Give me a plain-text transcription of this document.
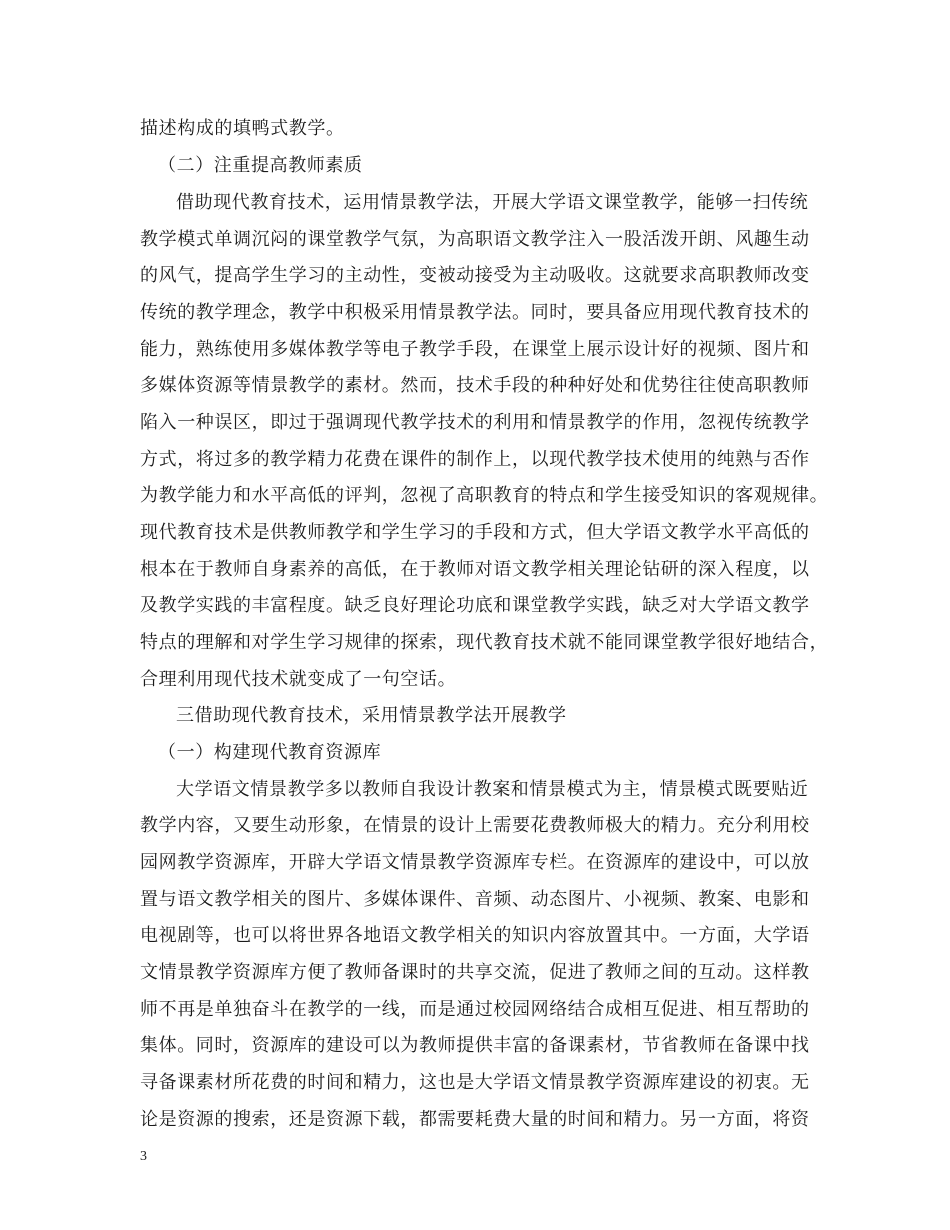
描述构成的填鸭式教学。
（二）注重提高教师素质
借助现代教育技术，运用情景教学法，开展大学语文课堂教学，能够一扫传统
教学模式单调沉闷的课堂教学气氛，为高职语文教学注入一股活泼开朗、风趣生动
的风气，提高学生学习的主动性，变被动接受为主动吸收。这就要求高职教师改变
传统的教学理念，教学中积极采用情景教学法。同时，要具备应用现代教育技术的
能力，熟练使用多媒体教学等电子教学手段，在课堂上展示设计好的视频、图片和
多媒体资源等情景教学的素材。然而，技术手段的种种好处和优势往往使高职教师
陷入一种误区，即过于强调现代教学技术的利用和情景教学的作用，忽视传统教学
方式，将过多的教学精力花费在课件的制作上，以现代教学技术使用的纯熟与否作
为教学能力和水平高低的评判，忽视了高职教育的特点和学生接受知识的客观规律。
现代教育技术是供教师教学和学生学习的手段和方式，但大学语文教学水平高低的
根本在于教师自身素养的高低，在于教师对语文教学相关理论钻研的深入程度，以
及教学实践的丰富程度。缺乏良好理论功底和课堂教学实践，缺乏对大学语文教学
特点的理解和对学生学习规律的探索，现代教育技术就不能同课堂教学很好地结合，
合理利用现代技术就变成了一句空话。
三借助现代教育技术，采用情景教学法开展教学
（一）构建现代教育资源库
大学语文情景教学多以教师自我设计教案和情景模式为主，情景模式既要贴近
教学内容，又要生动形象，在情景的设计上需要花费教师极大的精力。充分利用校
园网教学资源库，开辟大学语文情景教学资源库专栏。在资源库的建设中，可以放
置与语文教学相关的图片、多媒体课件、音频、动态图片、小视频、教案、电影和
电视剧等，也可以将世界各地语文教学相关的知识内容放置其中。一方面，大学语
文情景教学资源库方便了教师备课时的共享交流，促进了教师之间的互动。这样教
师不再是单独奋斗在教学的一线，而是通过校园网络结合成相互促进、相互帮助的
集体。同时，资源库的建设可以为教师提供丰富的备课素材，节省教师在备课中找
寻备课素材所花费的时间和精力，这也是大学语文情景教学资源库建设的初衷。无
论是资源的搜索，还是资源下载，都需要耗费大量的时间和精力。另一方面，将资
3
